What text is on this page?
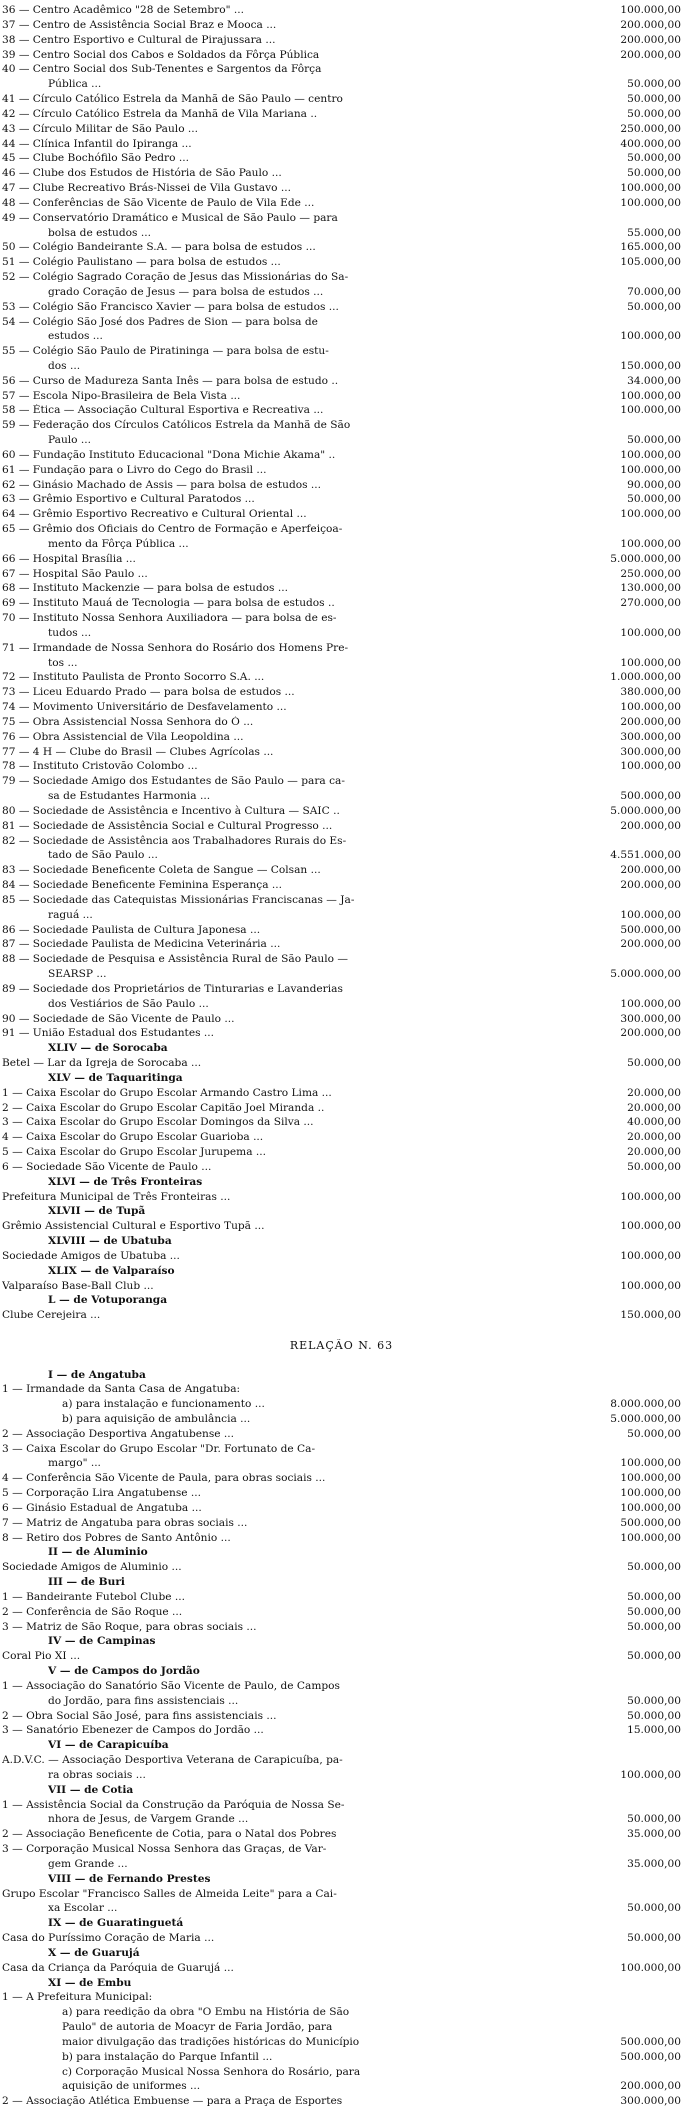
36 — Centro Acadêmico "28 de Setembro" ...	100.000,00
37 — Centro de Assistência Social Braz e Mooca ...	200.000,00
38 — Centro Esportivo e Cultural de Pirajussara ...	200.000,00
39 — Centro Social dos Cabos e Soldados da Fôrça Pública	200.000,00
40 — Centro Social dos Sub-Tenentes e Sargentos da Fôrça
Pública ...	50.000,00
41 — Círculo Católico Estrela da Manhã de São Paulo — centro	50.000,00
42 — Círculo Católico Estrela da Manhã de Vila Mariana ..	50.000,00
43 — Círculo Militar de São Paulo ...	250.000,00
44 — Clínica Infantil do Ipiranga ...	400.000,00
45 — Clube Bochófilo São Pedro ...	50.000,00
46 — Clube dos Estudos de História de São Paulo ...	50.000,00
47 — Clube Recreativo Brás-Nissei de Vila Gustavo ...	100.000,00
48 — Conferências de São Vicente de Paulo de Vila Ede ...	100.000,00
49 — Conservatório Dramático e Musical de São Paulo — para
bolsa de estudos ...	55.000,00
50 — Colégio Bandeirante S.A. — para bolsa de estudos ...	165.000,00
51 — Colégio Paulistano — para bolsa de estudos ...	105.000,00
52 — Colégio Sagrado Coração de Jesus das Missionárias do Sa-
grado Coração de Jesus — para bolsa de estudos ...	70.000,00
53 — Colégio São Francisco Xavier — para bolsa de estudos ...	50.000,00
54 — Colégio São José dos Padres de Sion — para bolsa de
estudos ...	100.000,00
55 — Colégio São Paulo de Piratininga — para bolsa de estu-
dos ...	150.000,00
56 — Curso de Madureza Santa Inês — para bolsa de estudo ..	34.000,00
57 — Escola Nipo-Brasileira de Bela Vista ...	100.000,00
58 — Ética — Associação Cultural Esportiva e Recreativa ...	100.000,00
59 — Federação dos Círculos Católicos Estrela da Manhã de São
Paulo ...	50.000,00
60 — Fundação Instituto Educacional "Dona Michie Akama" ..	100.000,00
61 — Fundação para o Livro do Cego do Brasil ...	100.000,00
62 — Ginásio Machado de Assis — para bolsa de estudos ...	90.000,00
63 — Grêmio Esportivo e Cultural Paratodos ...	50.000,00
64 — Grêmio Esportivo Recreativo e Cultural Oriental ...	100.000,00
65 — Grêmio dos Oficiais do Centro de Formação e Aperfeiçoa-
mento da Fôrça Pública ...	100.000,00
66 — Hospital Brasília ...	5.000.000,00
67 — Hospital São Paulo ...	250.000,00
68 — Instituto Mackenzie — para bolsa de estudos ...	130.000,00
69 — Instituto Mauá de Tecnologia — para bolsa de estudos ..	270.000,00
70 — Instituto Nossa Senhora Auxiliadora — para bolsa de es-
tudos ...	100.000,00
71 — Irmandade de Nossa Senhora do Rosário dos Homens Pre-
tos ...	100.000,00
72 — Instituto Paulista de Pronto Socorro S.A. ...	1.000.000,00
73 — Liceu Eduardo Prado — para bolsa de estudos ...	380.000,00
74 — Movimento Universitário de Desfavelamento ...	100.000,00
75 — Obra Assistencial Nossa Senhora do Ó ...	200.000,00
76 — Obra Assistencial de Vila Leopoldina ...	300.000,00
77 — 4 H — Clube do Brasil — Clubes Agrícolas ...	300.000,00
78 — Instituto Cristovão Colombo ...	100.000,00
79 — Sociedade Amigo dos Estudantes de São Paulo — para ca-
sa de Estudantes Harmonia ...	500.000,00
80 — Sociedade de Assistência e Incentivo à Cultura — SAIC ..	5.000.000,00
81 — Sociedade de Assistência Social e Cultural Progresso ...	200.000,00
82 — Sociedade de Assistência aos Trabalhadores Rurais do Es-
tado de São Paulo ...	4.551.000,00
83 — Sociedade Beneficente Coleta de Sangue — Colsan ...	200.000,00
84 — Sociedade Beneficente Feminina Esperança ...	200.000,00
85 — Sociedade das Catequistas Missionárias Franciscanas — Ja-
raguá ...	100.000,00
86 — Sociedade Paulista de Cultura Japonesa ...	500.000,00
87 — Sociedade Paulista de Medicina Veterinária ...	200.000,00
88 — Sociedade de Pesquisa e Assistência Rural de São Paulo —
SEARSP ...	5.000.000,00
89 — Sociedade dos Proprietários de Tinturarias e Lavanderias
dos Vestiários de São Paulo ...	100.000,00
90 — Sociedade de São Vicente de Paulo ...	300.000,00
91 — União Estadual dos Estudantes ...	200.000,00
XLIV — de Sorocaba
Betel — Lar da Igreja de Sorocaba ...	50.000,00
XLV — de Taquaritinga
1 — Caixa Escolar do Grupo Escolar Armando Castro Lima ...	20.000,00
2 — Caixa Escolar do Grupo Escolar Capitão Joel Miranda ..	20.000,00
3 — Caixa Escolar do Grupo Escolar Domingos da Silva ...	40.000,00
4 — Caixa Escolar do Grupo Escolar Guarioba ...	20.000,00
5 — Caixa Escolar do Grupo Escolar Jurupema ...	20.000,00
6 — Sociedade São Vicente de Paulo ...	50.000,00
XLVI — de Três Fronteiras
Prefeitura Municipal de Três Fronteiras ...	100.000,00
XLVII — de Tupã
Grêmio Assistencial Cultural e Esportivo Tupã ...	100.000,00
XLVIII — de Ubatuba
Sociedade Amigos de Ubatuba ...	100.000,00
XLIX — de Valparaíso
Valparaíso Base-Ball Club ...	100.000,00
L — de Votuporanga
Clube Cerejeira ...	150.000,00
RELAÇÃO N. 63
I — de Angatuba
1 — Irmandade da Santa Casa de Angatuba:
a) para instalação e funcionamento ...	8.000.000,00
b) para aquisição de ambulância ...	5.000.000,00
2 — Associação Desportiva Angatubense ...	50.000,00
3 — Caixa Escolar do Grupo Escolar "Dr. Fortunato de Ca-
margo" ...	100.000,00
4 — Conferência São Vicente de Paula, para obras sociais ...	100.000,00
5 — Corporação Lira Angatubense ...	100.000,00
6 — Ginásio Estadual de Angatuba ...	100.000,00
7 — Matriz de Angatuba para obras sociais ...	500.000,00
8 — Retiro dos Pobres de Santo Antônio ...	100.000,00
II — de Aluminio
Sociedade Amigos de Aluminio ...	50.000,00
III — de Buri
1 — Bandeirante Futebol Clube ...	50.000,00
2 — Conferência de São Roque ...	50.000,00
3 — Matriz de São Roque, para obras sociais ...	50.000,00
IV — de Campinas
Coral Pio XI ...	50.000,00
V — de Campos do Jordão
1 — Associação do Sanatório São Vicente de Paulo, de Campos
do Jordão, para fins assistenciais ...	50.000,00
2 — Obra Social São José, para fins assistenciais ...	50.000,00
3 — Sanatório Ebenezer de Campos do Jordão ...	15.000,00
VI — de Carapicuíba
A.D.V.C. — Associação Desportiva Veterana de Carapicuíba, pa-
ra obras sociais ...	100.000,00
VII — de Cotia
1 — Assistência Social da Construção da Paróquia de Nossa Se-
nhora de Jesus, de Vargem Grande ...	50.000,00
2 — Associação Beneficente de Cotia, para o Natal dos Pobres	35.000,00
3 — Corporação Musical Nossa Senhora das Graças, de Var-
gem Grande ...	35.000,00
VIII — de Fernando Prestes
Grupo Escolar "Francisco Salles de Almeida Leite" para a Cai-
xa Escolar ...	50.000,00
IX — de Guaratinguetá
Casa do Puríssimo Coração de Maria ...	50.000,00
X — de Guarujá
Casa da Criança da Paróquia de Guarujá ...	100.000,00
XI — de Embu
1 — A Prefeitura Municipal:
a) para reedição da obra "O Embu na História de São
Paulo" de autoria de Moacyr de Faria Jordão, para
maior divulgação das tradições históricas do Município	500.000,00
b) para instalação do Parque Infantil ...	500.000,00
c) Corporação Musical Nossa Senhora do Rosário, para
aquisição de uniformes ...	200.000,00
2 — Associação Atlética Embuense — para a Praça de Esportes	300.000,00
